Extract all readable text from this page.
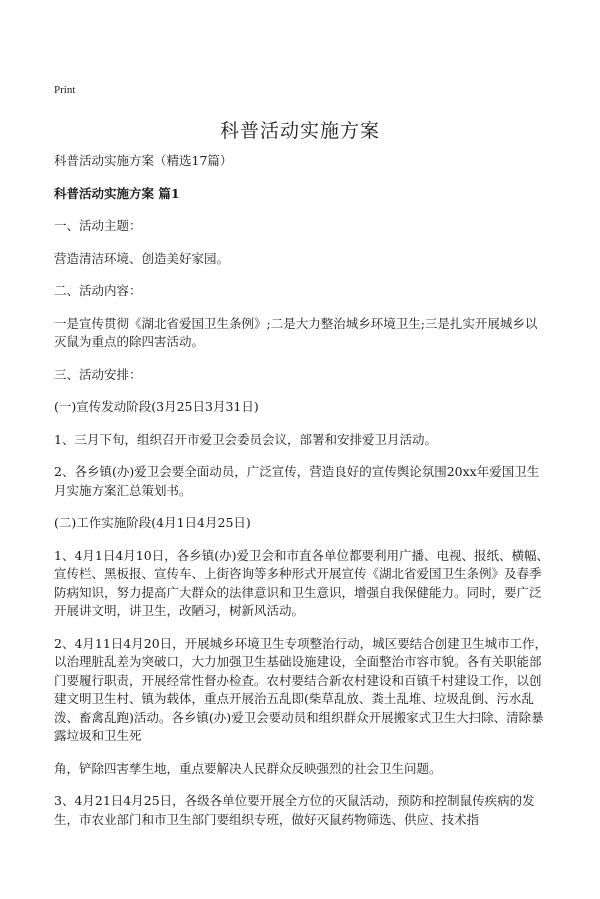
Print
科普活动实施方案

科普活动实施方案（精选17篇）

科普活动实施方案 篇1

一、活动主题：

营造清洁环境、创造美好家园。

二、活动内容：

一是宣传贯彻《湖北省爱国卫生条例》;二是大力整治城乡环境卫生;三是扎实开展城乡以灭鼠为重点的除四害活动。

三、活动安排：

(一)宣传发动阶段(3月25日3月31日)

1、三月下旬，组织召开市爱卫会委员会议，部署和安排爱卫月活动。

2、各乡镇(办)爱卫会要全面动员，广泛宣传，营造良好的宣传舆论氛围20xx年爱国卫生月实施方案汇总策划书。

(二)工作实施阶段(4月1日4月25日)

1、4月1日4月10日，各乡镇(办)爱卫会和市直各单位都要利用广播、电视、报纸、横幅、宣传栏、黑板报、宣传车、上街咨询等多种形式开展宣传《湖北省爱国卫生条例》及春季防病知识，努力提高广大群众的法律意识和卫生意识，增强自我保健能力。同时，要广泛开展讲文明，讲卫生，改陋习，树新风活动。

2、4月11日4月20日，开展城乡环境卫生专项整治行动，城区要结合创建卫生城市工作，以治理脏乱差为突破口，大力加强卫生基础设施建设，全面整治市容市貌。各有关职能部门要履行职责，开展经常性督办检查。农村要结合新农村建设和百镇千村建设工作，以创建文明卫生村、镇为载体，重点开展治五乱即(柴草乱放、粪土乱堆、垃圾乱倒、污水乱泼、畜禽乱跑)活动。各乡镇(办)爱卫会要动员和组织群众开展搬家式卫生大扫除、清除暴露垃圾和卫生死

角，铲除四害孳生地，重点要解决人民群众反映强烈的社会卫生问题。

3、4月21日4月25日，各级各单位要开展全方位的灭鼠活动，预防和控制鼠传疾病的发生，市农业部门和市卫生部门要组织专班，做好灭鼠药物筛选、供应、技术指
